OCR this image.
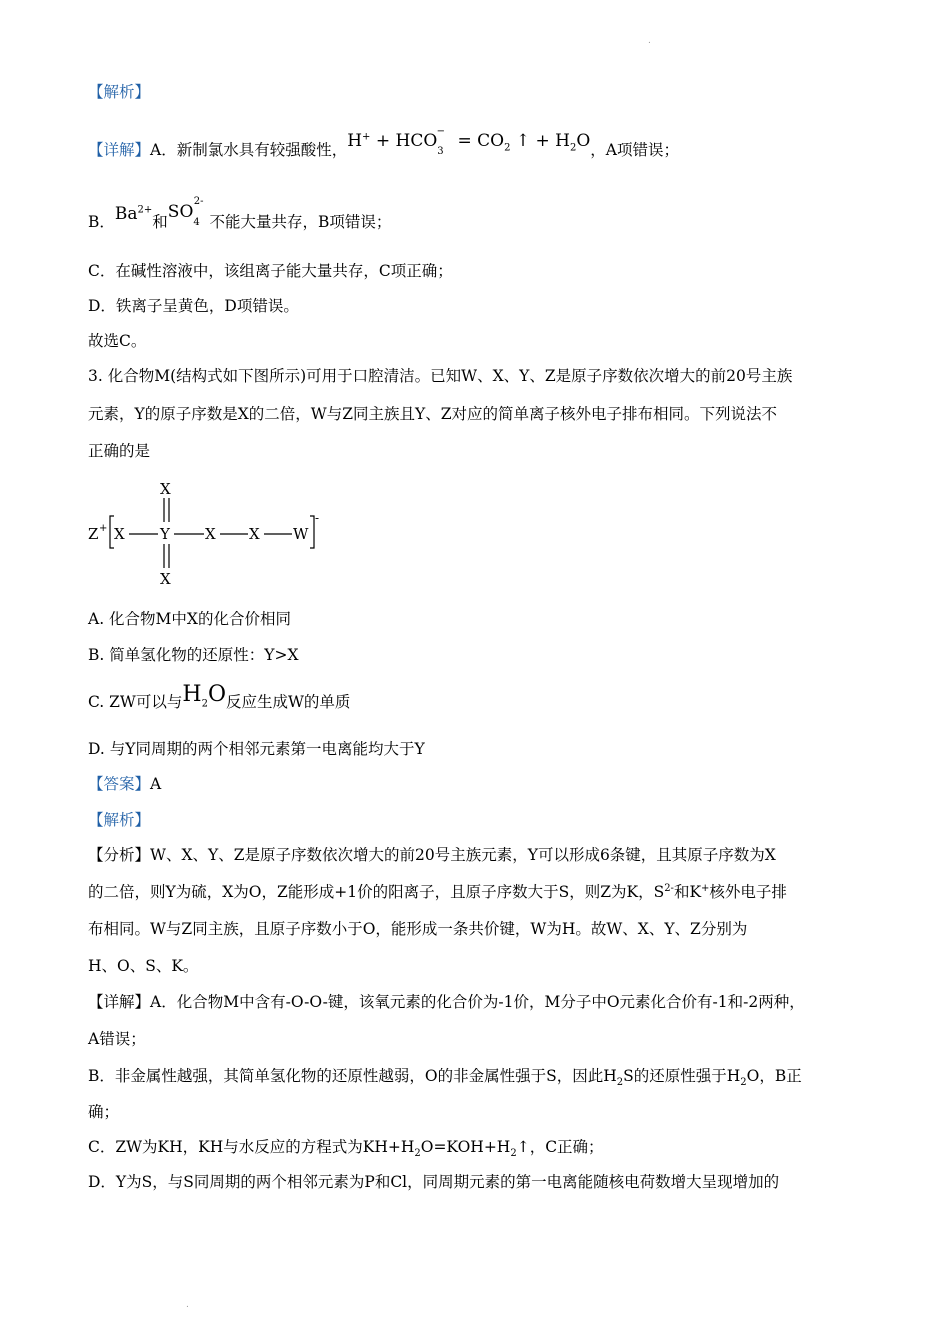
.
【解析】
【详解】A．新制氯水具有较强酸性，$H^+ + HCO_3^- = CO_2$ ↑ + $H_2O$，A项错误；
B．$Ba^{2+}$和$SO_4^{2-}$不能大量共存，B项错误；
C．在碱性溶液中，该组离子能大量共存，C项正确；
D．铁离子呈黄色，D项错误。
故选C。
3. 化合物M(结构式如下图所示)可用于口腔清洁。已知W、X、Y、Z是原子序数依次增大的前20号主族
元素，Y的原子序数是X的二倍，W与Z同主族且Y、Z对应的简单离子核外电子排布相同。下列说法不
正确的是
Z + X Y X X W
-
X
X
A. 化合物M中X的化合价相同
B. 简单氢化物的还原性：Y>X
C. ZW可以与$H_2O$反应生成W的单质
D. 与Y同周期的两个相邻元素第一电离能均大于Y
【答案】A
【解析】
【分析】W、X、Y、Z是原子序数依次增大的前20号主族元素，Y可以形成6条键，且其原子序数为X
的二倍，则Y为硫，X为O，Z能形成+1价的阳离子，且原子序数大于S，则Z为K，$S^{2-}$和K+核外电子排
布相同。W与Z同主族，且原子序数小于O，能形成一条共价键，W为H。故W、X、Y、Z分别为
H、O、S、K。
【详解】A．化合物M中含有-O-O-键，该氧元素的化合价为-1价，M分子中O元素化合价有-1和-2两种，
A错误；
B．非金属性越强，其简单氢化物的还原性越弱，O的非金属性强于S，因此$H_2S$的还原性强于$H_2O$，B正
确；
C．ZW为KH，KH与水反应的方程式为$KH+H_2O=KOH+H_2↑$，C正确；
D．Y为S，与S同周期的两个相邻元素为P和Cl，同周期元素的第一电离能随核电荷数增大呈现增加的
.
